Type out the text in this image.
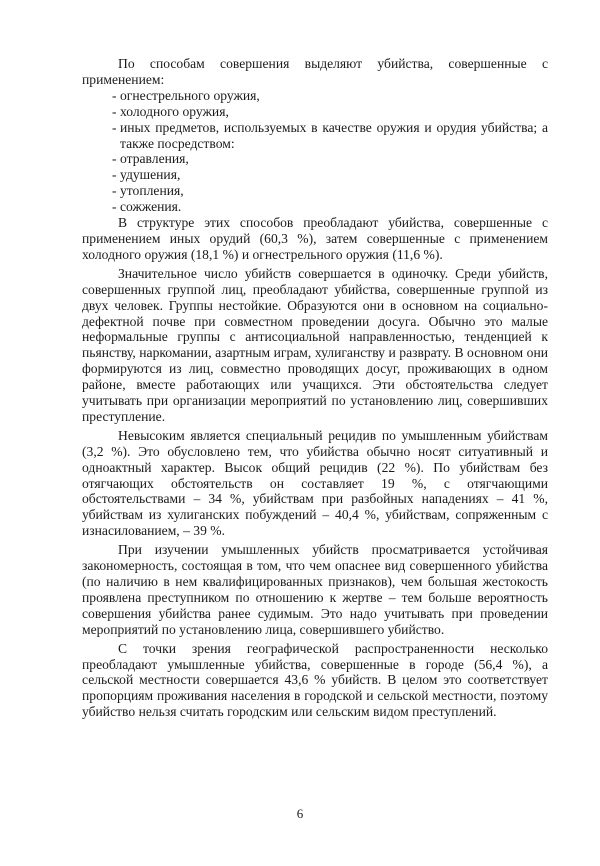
По способам совершения выделяют убийства, совершенные с применением:

- огнестрельного оружия,
- холодного оружия,
- иных предметов, используемых в качестве оружия и орудия убийства; а также посредством:
- отравления,
- удушения,
- утопления,
- сожжения.

В структуре этих способов преобладают убийства, совершенные с применением иных орудий (60,3 %), затем совершенные с применением холодного оружия (18,1 %) и огнестрельного оружия (11,6 %).

Значительное число убийств совершается в одиночку. Среди убийств, совершенных группой лиц, преобладают убийства, совершенные группой из двух человек. Группы нестойкие. Образуются они в основном на социально-дефектной почве при совместном проведении досуга. Обычно это малые неформальные группы с антисоциальной направленностью, тенденцией к пьянству, наркомании, азартным играм, хулиганству и разврату. В основном они формируются из лиц, совместно проводящих досуг, проживающих в одном районе, вместе работающих или учащихся. Эти обстоятельства следует учитывать при организации мероприятий по установлению лиц, совершивших преступление.

Невысоким является специальный рецидив по умышленным убийствам (3,2 %). Это обусловлено тем, что убийства обычно носят ситуативный и одноактный характер. Высок общий рецидив (22 %). По убийствам без отягчающих обстоятельств он составляет 19 %, с отягчающими обстоятельствами – 34 %, убийствам при разбойных нападениях – 41 %, убийствам из хулиганских побуждений – 40,4 %, убийствам, сопряженным с изнасилованием, – 39 %.

При изучении умышленных убийств просматривается устойчивая закономерность, состоящая в том, что чем опаснее вид совершенного убийства (по наличию в нем квалифицированных признаков), чем большая жестокость проявлена преступником по отношению к жертве – тем больше вероятность совершения убийства ранее судимым. Это надо учитывать при проведении мероприятий по установлению лица, совершившего убийство.

С точки зрения географической распространенности несколько преобладают умышленные убийства, совершенные в городе (56,4 %), а сельской местности совершается 43,6 % убийств. В целом это соответствует пропорциям проживания населения в городской и сельской местности, поэтому убийство нельзя считать городским или сельским видом преступлений.

6
